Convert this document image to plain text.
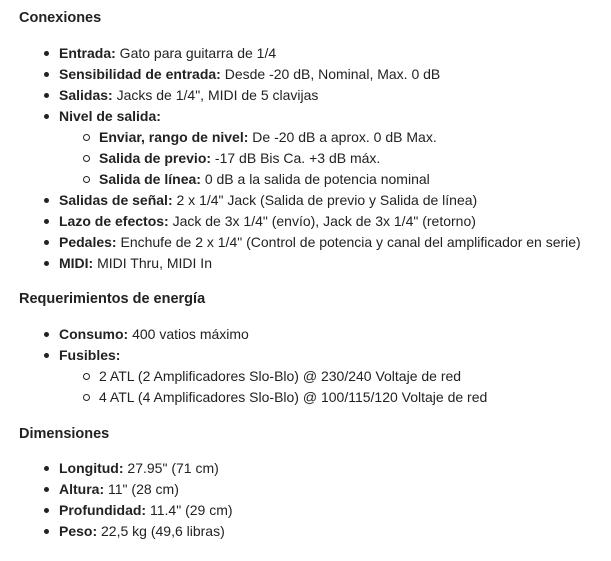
Conexiones
Entrada: Gato para guitarra de 1/4
Sensibilidad de entrada: Desde -20 dB, Nominal, Max. 0 dB
Salidas: Jacks de 1/4", MIDI de 5 clavijas
Nivel de salida:
Enviar, rango de nivel: De -20 dB a aprox. 0 dB Max.
Salida de previo: -17 dB Bis Ca. +3 dB máx.
Salida de línea: 0 dB a la salida de potencia nominal
Salidas de señal: 2 x 1/4" Jack (Salida de previo y Salida de línea)
Lazo de efectos: Jack de 3x 1/4" (envío), Jack de 3x 1/4" (retorno)
Pedales: Enchufe de 2 x 1/4" (Control de potencia y canal del amplificador en serie)
MIDI: MIDI Thru, MIDI In
Requerimientos de energía
Consumo: 400 vatios máximo
Fusibles:
2 ATL (2 Amplificadores Slo-Blo) @ 230/240 Voltaje de red
4 ATL (4 Amplificadores Slo-Blo) @ 100/115/120 Voltaje de red
Dimensiones
Longitud: 27.95" (71 cm)
Altura: 11" (28 cm)
Profundidad: 11.4" (29 cm)
Peso: 22,5 kg (49,6 libras)
